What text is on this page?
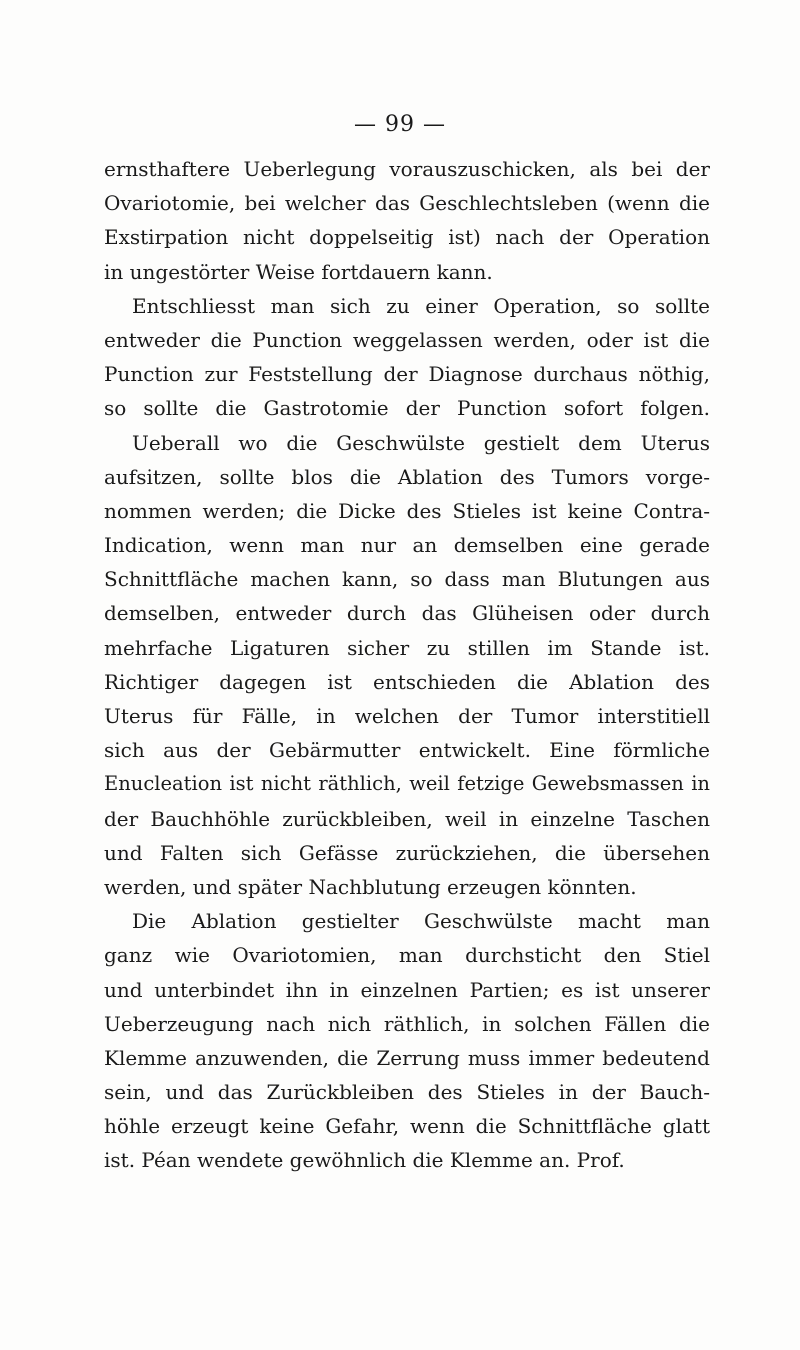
— 99 —
ernsthaftere Ueberlegung vorauszuschicken, als bei der
Ovariotomie, bei welcher das Geschlechtsleben (wenn die
Exstirpation nicht doppelseitig ist) nach der Operation
in ungestörter Weise fortdauern kann.
Entschliesst man sich zu einer Operation, so sollte
entweder die Punction weggelassen werden, oder ist die
Punction zur Feststellung der Diagnose durchaus nöthig,
so sollte die Gastrotomie der Punction sofort folgen.
Ueberall wo die Geschwülste gestielt dem Uterus
aufsitzen, sollte blos die Ablation des Tumors vorge-
nommen werden; die Dicke des Stieles ist keine Contra-
Indication, wenn man nur an demselben eine gerade
Schnittfläche machen kann, so dass man Blutungen aus
demselben, entweder durch das Glüheisen oder durch
mehrfache Ligaturen sicher zu stillen im Stande ist.
Richtiger dagegen ist entschieden die Ablation des
Uterus für Fälle, in welchen der Tumor interstitiell
sich aus der Gebärmutter entwickelt. Eine förmliche
Enucleation ist nicht räthlich, weil fetzige Gewebsmassen in
der Bauchhöhle zurückbleiben, weil in einzelne Taschen
und Falten sich Gefässe zurückziehen, die übersehen
werden, und später Nachblutung erzeugen könnten.
Die Ablation gestielter Geschwülste macht man
ganz wie Ovariotomien, man durchsticht den Stiel
und unterbindet ihn in einzelnen Partien; es ist unserer
Ueberzeugung nach nich räthlich, in solchen Fällen die
Klemme anzuwenden, die Zerrung muss immer bedeutend
sein, und das Zurückbleiben des Stieles in der Bauch-
höhle erzeugt keine Gefahr, wenn die Schnittfläche glatt
ist. Péan wendete gewöhnlich die Klemme an. Prof.
